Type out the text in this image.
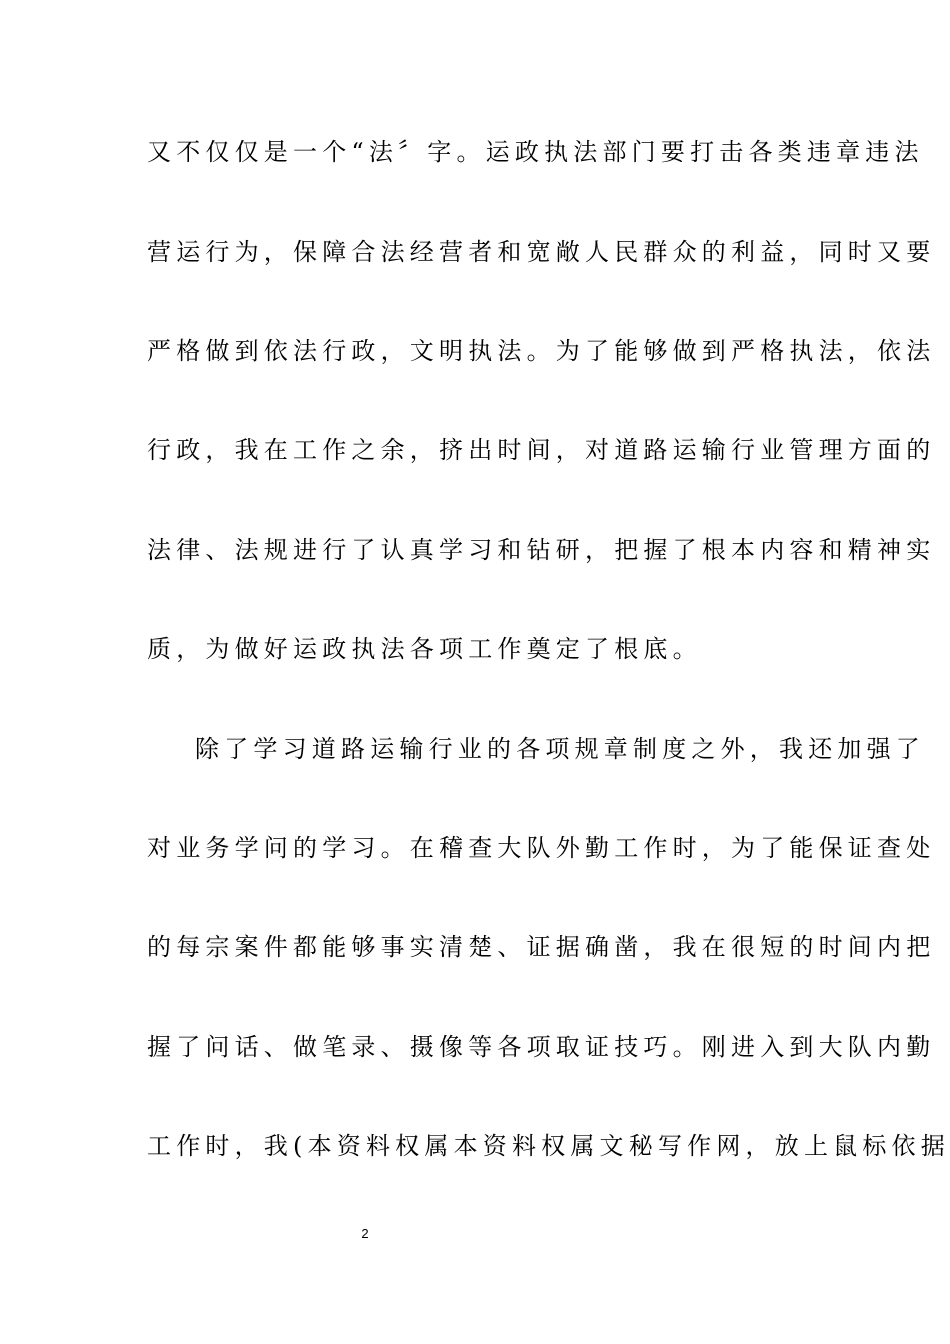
又不仅仅是一个“法〞字。运政执法部门要打击各类违章违法
营运行为，保障合法经营者和宽敞人民群众的利益，同时又要
严格做到依法行政，文明执法。为了能够做到严格执法，依法
行政，我在工作之余，挤出时间，对道路运输行业管理方面的
法律、法规进行了认真学习和钻研，把握了根本内容和精神实
质，为做好运政执法各项工作奠定了根底。
除了学习道路运输行业的各项规章制度之外，我还加强了
对业务学问的学习。在稽查大队外勤工作时，为了能保证查处
的每宗案件都能够事实清楚、证据确凿，我在很短的时间内把
握了问话、做笔录、摄像等各项取证技巧。刚进入到大队内勤
工作时，我(本资料权属本资料权属文秘写作网，放上鼠标依据
2
